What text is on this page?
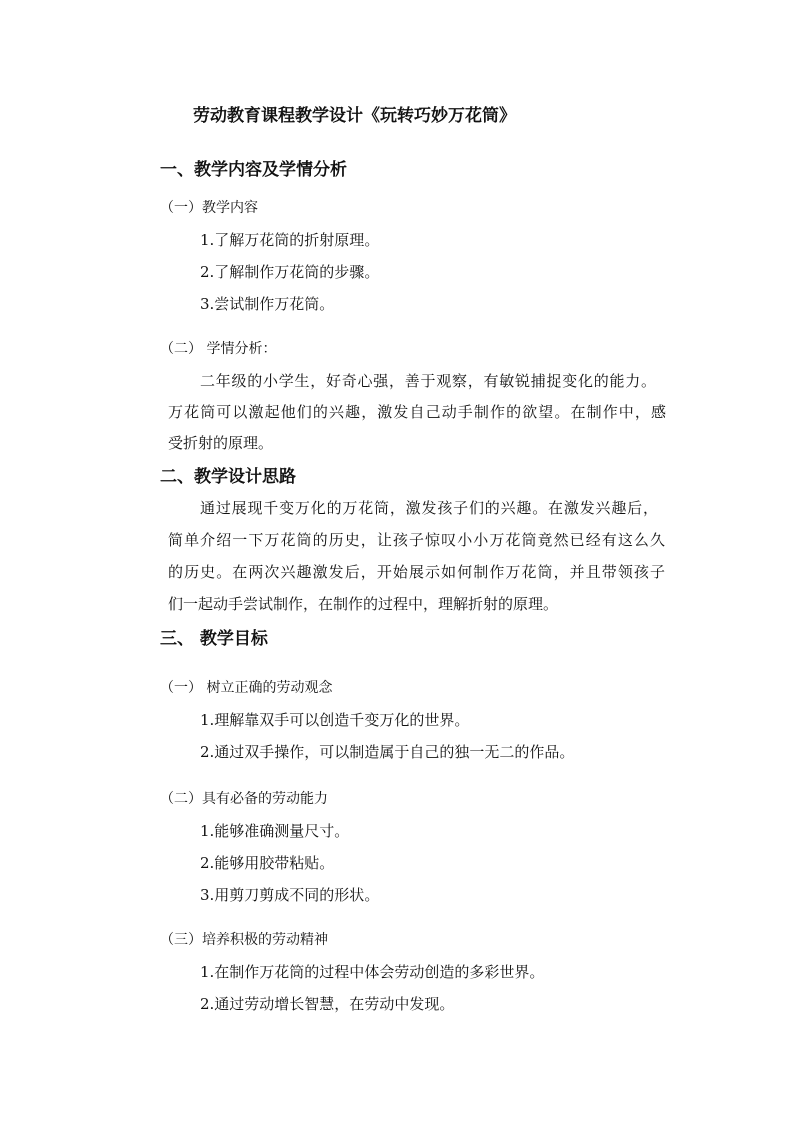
劳动教育课程教学设计《玩转巧妙万花筒》
一、教学内容及学情分析
（一）教学内容
1.了解万花筒的折射原理。
2.了解制作万花筒的步骤。
3.尝试制作万花筒。
（二） 学情分析：
二年级的小学生，好奇心强，善于观察，有敏锐捕捉变化的能力。
万花筒可以激起他们的兴趣，激发自己动手制作的欲望。在制作中，感
受折射的原理。
二、教学设计思路
通过展现千变万化的万花筒，激发孩子们的兴趣。在激发兴趣后，
简单介绍一下万花筒的历史，让孩子惊叹小小万花筒竟然已经有这么久
的历史。在两次兴趣激发后，开始展示如何制作万花筒，并且带领孩子
们一起动手尝试制作，在制作的过程中，理解折射的原理。
三、 教学目标
（一） 树立正确的劳动观念
1.理解靠双手可以创造千变万化的世界。
2.通过双手操作，可以制造属于自己的独一无二的作品。
（二）具有必备的劳动能力
1.能够准确测量尺寸。
2.能够用胶带粘贴。
3.用剪刀剪成不同的形状。
（三）培养积极的劳动精神
1.在制作万花筒的过程中体会劳动创造的多彩世界。
2.通过劳动增长智慧，在劳动中发现。
